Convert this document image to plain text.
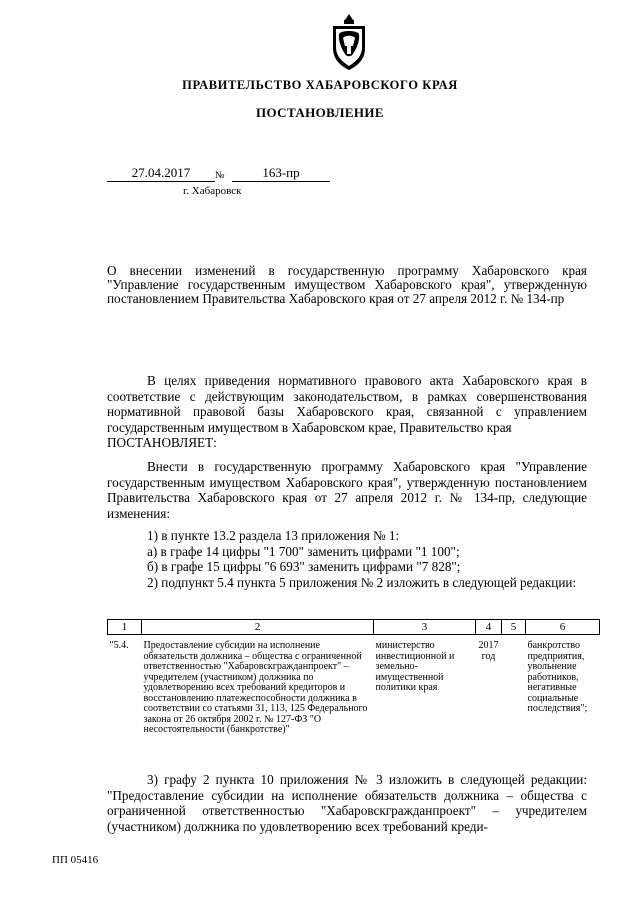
ПРАВИТЕЛЬСТВО ХАБАРОВСКОГО КРАЯ
ПОСТАНОВЛЕНИЕ
27.04.2017	№	163-пр
г. Хабаровск
О внесении изменений в государственную программу Хабаровского края "Управление государственным имуществом Хабаровского края", утвержденную постановлением Правительства Хабаровского края от 27 апреля 2012 г. № 134-пр
В целях приведения нормативного правового акта Хабаровского края в соответствие с действующим законодательством, в рамках совершенствования нормативной правовой базы Хабаровского края, связанной с управлением государственным имуществом в Хабаровском крае, Правительство края
ПОСТАНОВЛЯЕТ:
Внести в государственную программу Хабаровского края "Управление государственным имуществом Хабаровского края", утвержденную постановлением Правительства Хабаровского края от 27 апреля 2012 г. № 134-пр, следующие изменения:
1) в пункте 13.2 раздела 13 приложения № 1:
а) в графе 14 цифры "1 700" заменить цифрами "1 100";
б) в графе 15 цифры "6 693" заменить цифрами "7 828";
2) подпункт 5.4 пункта 5 приложения № 2 изложить в следующей редакции:
1	2	3	4	5	6
"5.4.	Предоставление субсидии на исполнение обязательств должника – общества с ограниченной ответственностью "Хабаровскгражданпроект" – учредителем (участником) должника по удовлетворению всех требований кредиторов и восстановлению платежеспособности должника в соответствии со статьями 31, 113, 125 Федерального закона от 26 октября 2002 г. № 127-ФЗ "О несостоятельности (банкротстве)"	министерство инвестиционной и земельно-имущественной политики края	2017 год		банкротство предприятия, увольнение работников, негативные социальные последствия";
3) графу 2 пункта 10 приложения № 3 изложить в следующей редакции: "Предоставление субсидии на исполнение обязательств должника – общества с ограниченной ответственностью "Хабаровскгражданпроект" – учредителем (участником) должника по удовлетворению всех требований креди-
ПП 05416
